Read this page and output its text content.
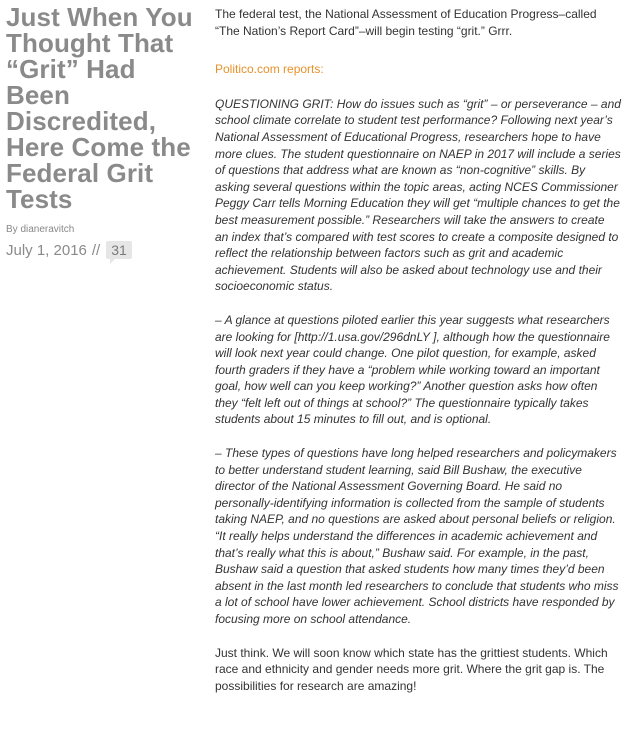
Just When You Thought That “Grit” Had Been Discredited, Here Come the Federal Grit Tests
By dianeravitch
July 1, 2016 // 31

The federal test, the National Assessment of Education Progress–called “The Nation’s Report Card”–will begin testing “grit.” Grrr.

Politico.com reports:

QUESTIONING GRIT: How do issues such as “grit” – or perseverance – and school climate correlate to student test performance? Following next year’s National Assessment of Educational Progress, researchers hope to have more clues. The student questionnaire on NAEP in 2017 will include a series of questions that address what are known as “non-cognitive” skills. By asking several questions within the topic areas, acting NCES Commissioner Peggy Carr tells Morning Education they will get “multiple chances to get the best measurement possible.” Researchers will take the answers to create an index that’s compared with test scores to create a composite designed to reflect the relationship between factors such as grit and academic achievement. Students will also be asked about technology use and their socioeconomic status.

– A glance at questions piloted earlier this year suggests what researchers are looking for [http://1.usa.gov/296dnLY ], although how the questionnaire will look next year could change. One pilot question, for example, asked fourth graders if they have a “problem while working toward an important goal, how well can you keep working?” Another question asks how often they “felt left out of things at school?” The questionnaire typically takes students about 15 minutes to fill out, and is optional.

– These types of questions have long helped researchers and policymakers to better understand student learning, said Bill Bushaw, the executive director of the National Assessment Governing Board. He said no personally-identifying information is collected from the sample of students taking NAEP, and no questions are asked about personal beliefs or religion. “It really helps understand the differences in academic achievement and that’s really what this is about,” Bushaw said. For example, in the past, Bushaw said a question that asked students how many times they’d been absent in the last month led researchers to conclude that students who miss a lot of school have lower achievement. School districts have responded by focusing more on school attendance.

Just think. We will soon know which state has the grittiest students. Which race and ethnicity and gender needs more grit. Where the grit gap is. The possibilities for research are amazing!
